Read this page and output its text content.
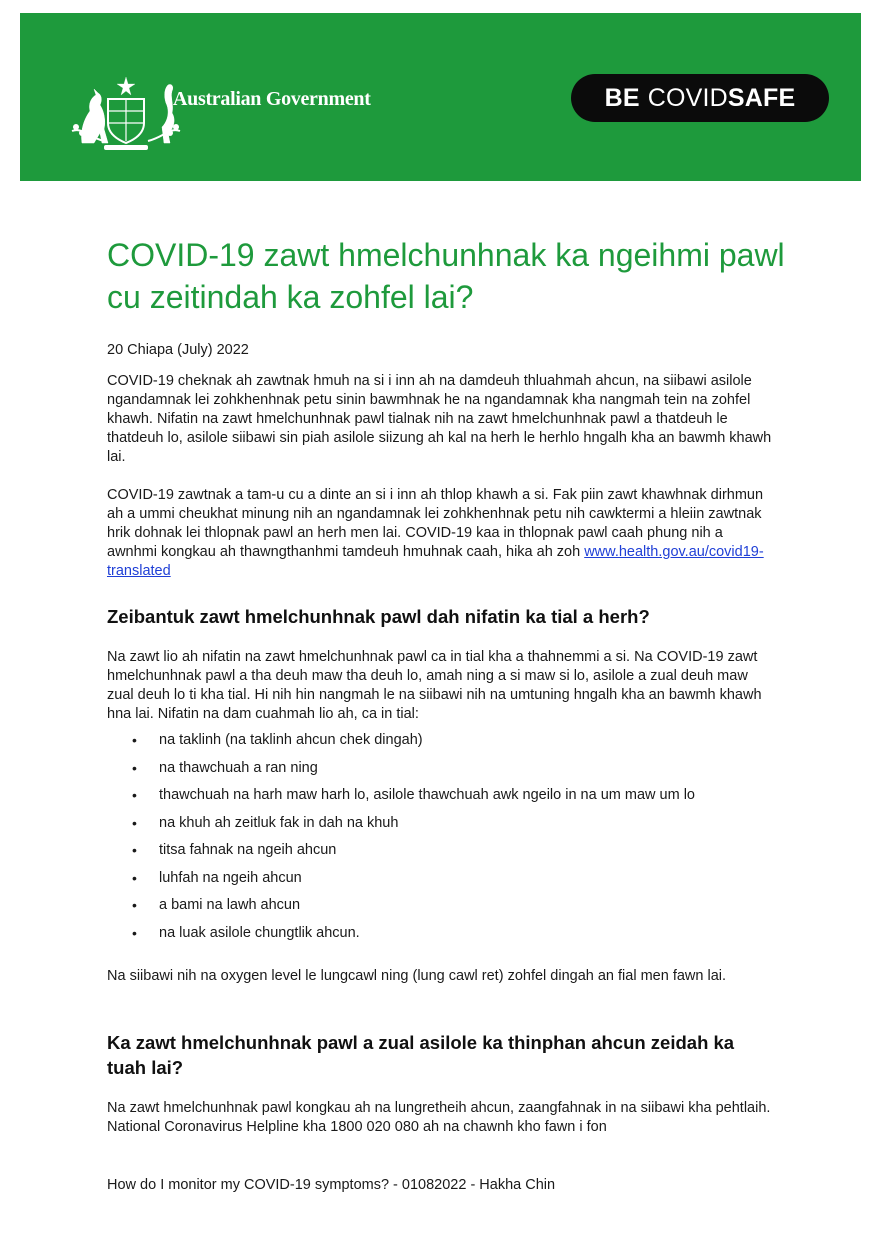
Australian Government	BE COVID SAFE
COVID-19 zawt hmelchunhnak ka ngeihmi pawl cu zeitindah ka zohfel lai?
20 Chiapa (July) 2022

COVID-19 cheknak ah zawtnak hmuh na si i inn ah na damdeuh thluahmah ahcun, na siibawi asilole ngandamnak lei zohkhenhnak petu sinin bawmhnak he na ngandamnak kha nangmah tein na zohfel khawh. Nifatin na zawt hmelchunhnak pawl tialnak nih na zawt hmelchunhnak pawl a thatdeuh le thatdeuh lo, asilole siibawi sin piah asilole siizung ah kal na herh le herhlo hngalh kha an bawmh khawh lai.

COVID-19 zawtnak a tam-u cu a dinte an si i inn ah thlop khawh a si. Fak piin zawt khawhnak dirhmun ah a ummi cheukhat minung nih an ngandamnak lei zohkhenhnak petu nih cawktermi a hleiin zawtnak hrik dohnak lei thlopnak pawl an herh men lai. COVID-19 kaa in thlopnak pawl caah phung nih a awnhmi kongkau ah thawngthanhmi tamdeuh hmuhnak caah, hika ah zoh www.health.gov.au/covid19-translated

Zeibantuk zawt hmelchunhnak pawl dah nifatin ka tial a herh?

Na zawt lio ah nifatin na zawt hmelchunhnak pawl ca in tial kha a thahnemmi a si. Na COVID-19 zawt hmelchunhnak pawl a tha deuh maw tha deuh lo, amah ning a si maw si lo, asilole a zual deuh maw zual deuh lo ti kha tial. Hi nih hin nangmah le na siibawi nih na umtuning hngalh kha an bawmh khawh hna lai. Nifatin na dam cuahmah lio ah, ca in tial:

• na taklinh (na taklinh ahcun chek dingah)
• na thawchuah a ran ning
• thawchuah na harh maw harh lo, asilole thawchuah awk ngeilo in na um maw um lo
• na khuh ah zeitluk fak in dah na khuh
• titsa fahnak na ngeih ahcun
• luhfah na ngeih ahcun
• a bami na lawh ahcun
• na luak asilole chungtlik ahcun.

Na siibawi nih na oxygen level le lungcawl ning (lung cawl ret) zohfel dingah an fial men fawn lai.

Ka zawt hmelchunhnak pawl a zual asilole ka thinphan ahcun zeidah ka tuah lai?

Na zawt hmelchunhnak pawl kongkau ah na lungretheih ahcun, zaangfahnak in na siibawi kha pehtlaih. National Coronavirus Helpline kha 1800 020 080 ah na chawnh kho fawn i fon

How do I monitor my COVID-19 symptoms? - 01082022 - Hakha Chin
